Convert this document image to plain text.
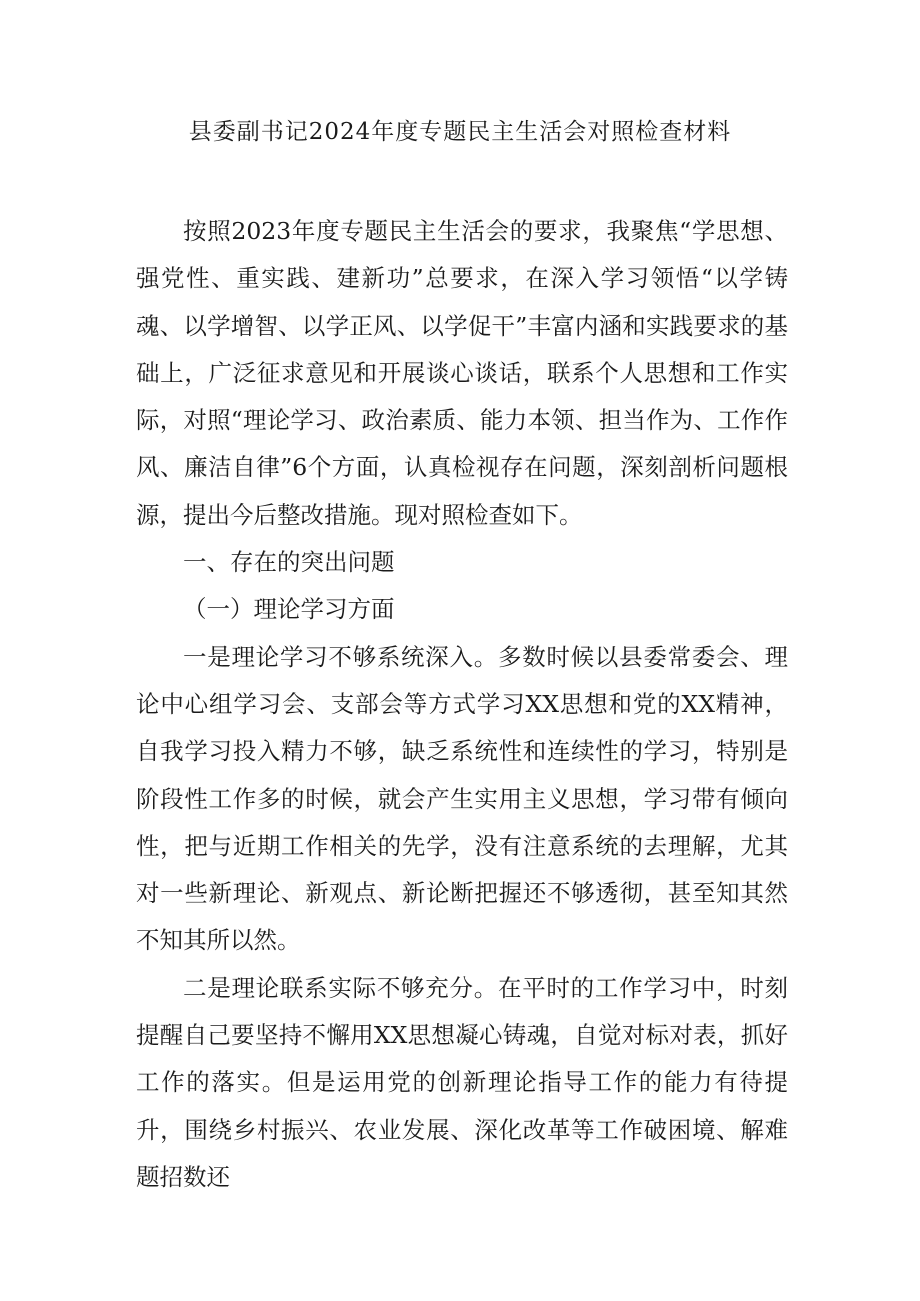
县委副书记2024年度专题民主生活会对照检查材料

按照2023年度专题民主生活会的要求，我聚焦“学思想、强党性、重实践、建新功”总要求，在深入学习领悟“以学铸魂、以学增智、以学正风、以学促干”丰富内涵和实践要求的基础上，广泛征求意见和开展谈心谈话，联系个人思想和工作实际，对照“理论学习、政治素质、能力本领、担当作为、工作作风、廉洁自律”6个方面，认真检视存在问题，深刻剖析问题根源，提出今后整改措施。现对照检查如下。

一、存在的突出问题

（一）理论学习方面

一是理论学习不够系统深入。多数时候以县委常委会、理论中心组学习会、支部会等方式学习XX思想和党的XX精神，自我学习投入精力不够，缺乏系统性和连续性的学习，特别是阶段性工作多的时候，就会产生实用主义思想，学习带有倾向性，把与近期工作相关的先学，没有注意系统的去理解，尤其对一些新理论、新观点、新论断把握还不够透彻，甚至知其然不知其所以然。

二是理论联系实际不够充分。在平时的工作学习中，时刻提醒自己要坚持不懈用XX思想凝心铸魂，自觉对标对表，抓好工作的落实。但是运用党的创新理论指导工作的能力有待提升，围绕乡村振兴、农业发展、深化改革等工作破困境、解难题招数还
